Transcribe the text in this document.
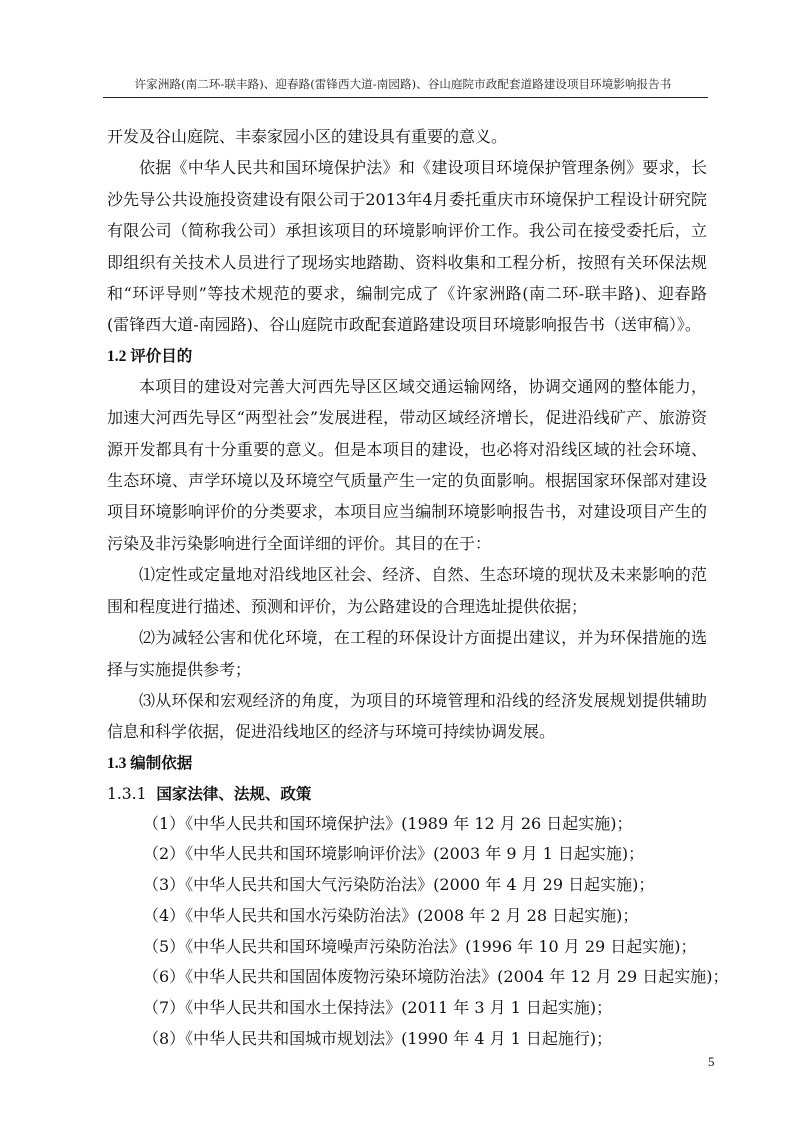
许家洲路(南二环-联丰路)、迎春路(雷锋西大道-南园路)、谷山庭院市政配套道路建设项目环境影响报告书

开发及谷山庭院、丰泰家园小区的建设具有重要的意义。

依据《中华人民共和国环境保护法》和《建设项目环境保护管理条例》要求，长沙先导公共设施投资建设有限公司于2013年4月委托重庆市环境保护工程设计研究院有限公司（简称我公司）承担该项目的环境影响评价工作。我公司在接受委托后，立即组织有关技术人员进行了现场实地踏勘、资料收集和工程分析，按照有关环保法规和“环评导则”等技术规范的要求，编制完成了《许家洲路(南二环-联丰路)、迎春路(雷锋西大道-南园路)、谷山庭院市政配套道路建设项目环境影响报告书（送审稿）》。

1.2 评价目的

本项目的建设对完善大河西先导区区域交通运输网络，协调交通网的整体能力，加速大河西先导区“两型社会”发展进程，带动区域经济增长，促进沿线矿产、旅游资源开发都具有十分重要的意义。但是本项目的建设，也必将对沿线区域的社会环境、生态环境、声学环境以及环境空气质量产生一定的负面影响。根据国家环保部对建设项目环境影响评价的分类要求，本项目应当编制环境影响报告书，对建设项目产生的污染及非污染影响进行全面详细的评价。其目的在于：

⑴定性或定量地对沿线地区社会、经济、自然、生态环境的现状及未来影响的范围和程度进行描述、预测和评价，为公路建设的合理选址提供依据；

⑵为减轻公害和优化环境，在工程的环保设计方面提出建议，并为环保措施的选择与实施提供参考；

⑶从环保和宏观经济的角度，为项目的环境管理和沿线的经济发展规划提供辅助信息和科学依据，促进沿线地区的经济与环境可持续协调发展。

1.3 编制依据
1.3.1 国家法律、法规、政策

（1）《中华人民共和国环境保护法》(1989 年 12 月 26 日起实施)；

（2）《中华人民共和国环境影响评价法》(2003 年 9 月 1 日起实施)；

（3）《中华人民共和国大气污染防治法》(2000 年 4 月 29 日起实施)；

（4）《中华人民共和国水污染防治法》(2008 年 2 月 28 日起实施)；

（5）《中华人民共和国环境噪声污染防治法》(1996 年 10 月 29 日起实施)；

（6）《中华人民共和国固体废物污染环境防治法》(2004 年 12 月 29 日起实施)；

（7）《中华人民共和国水土保持法》(2011 年 3 月 1 日起实施)；

（8）《中华人民共和国城市规划法》(1990 年 4 月 1 日起施行)；

5
